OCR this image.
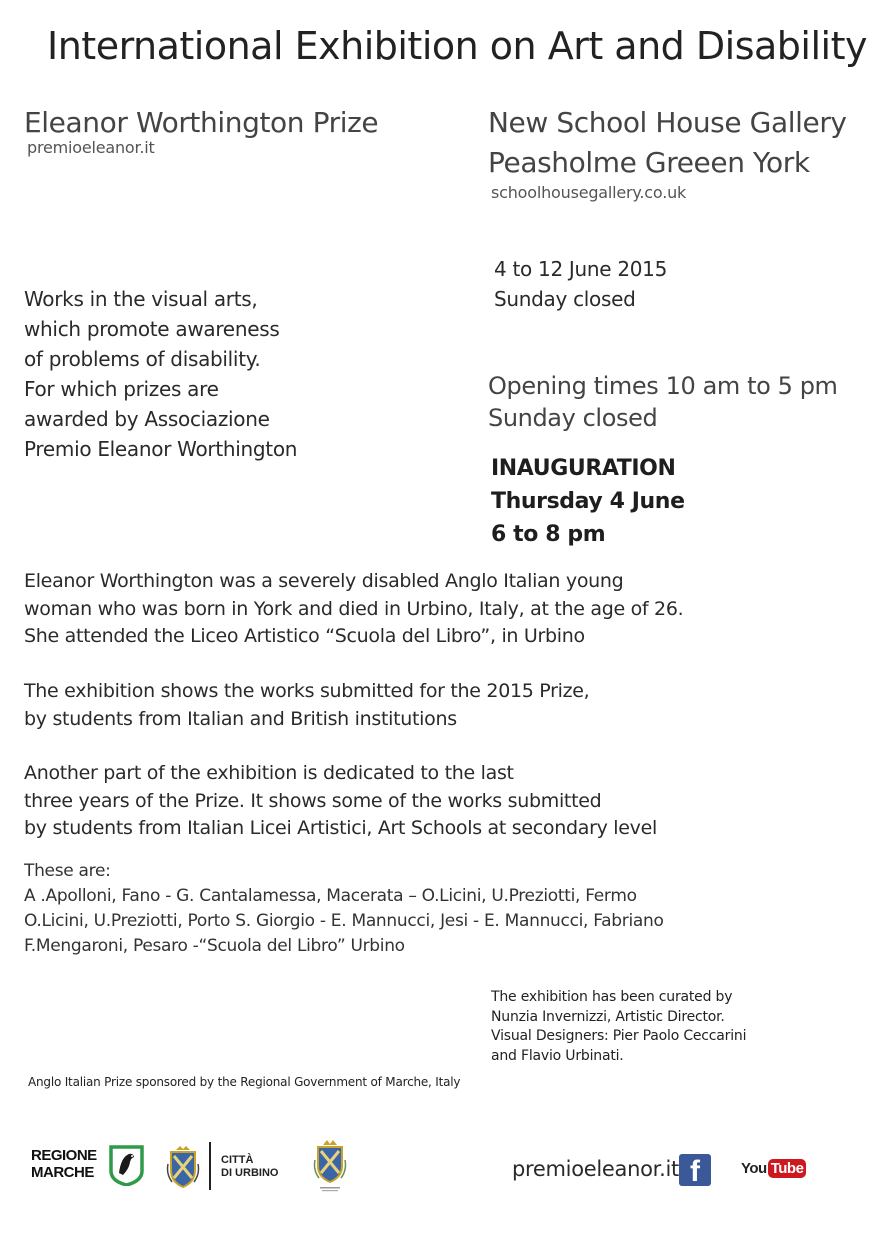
International Exhibition on Art and Disability
Eleanor Worthington Prize
premioeleanor.it
New School House Gallery
Peasholme Greeen York
schoolhousegallery.co.uk
4 to 12 June 2015
Sunday closed
Works in the visual arts,
which promote awareness
of problems of disability.
For which prizes are
awarded by Associazione
Premio Eleanor Worthington
Opening times 10 am to 5 pm
Sunday closed
INAUGURATION
Thursday 4 June
6 to 8 pm
Eleanor Worthington was a severely disabled Anglo Italian young
woman who was born in York and died in Urbino, Italy, at the age of 26.
She attended the Liceo Artistico “Scuola del Libro”, in Urbino
The exhibition shows the works submitted for the 2015 Prize,
by students from Italian and British institutions
Another part of the exhibition is dedicated to the last
three years of the Prize. It shows some of the works submitted
by students from Italian Licei Artistici, Art Schools at secondary level
These are:
A .Apolloni, Fano - G. Cantalamessa, Macerata – O.Licini, U.Preziotti, Fermo
O.Licini, U.Preziotti, Porto S. Giorgio - E. Mannucci, Jesi - E. Mannucci, Fabriano
F.Mengaroni, Pesaro -“Scuola del Libro” Urbino
The exhibition has been curated by
Nunzia Invernizzi, Artistic Director.
Visual Designers: Pier Paolo Ceccarini
and Flavio Urbinati.
Anglo Italian Prize sponsored by the Regional Government of Marche, Italy
REGIONE
MARCHE
CITTÀ
DI URBINO	premioeleanor.it f	You Tube
